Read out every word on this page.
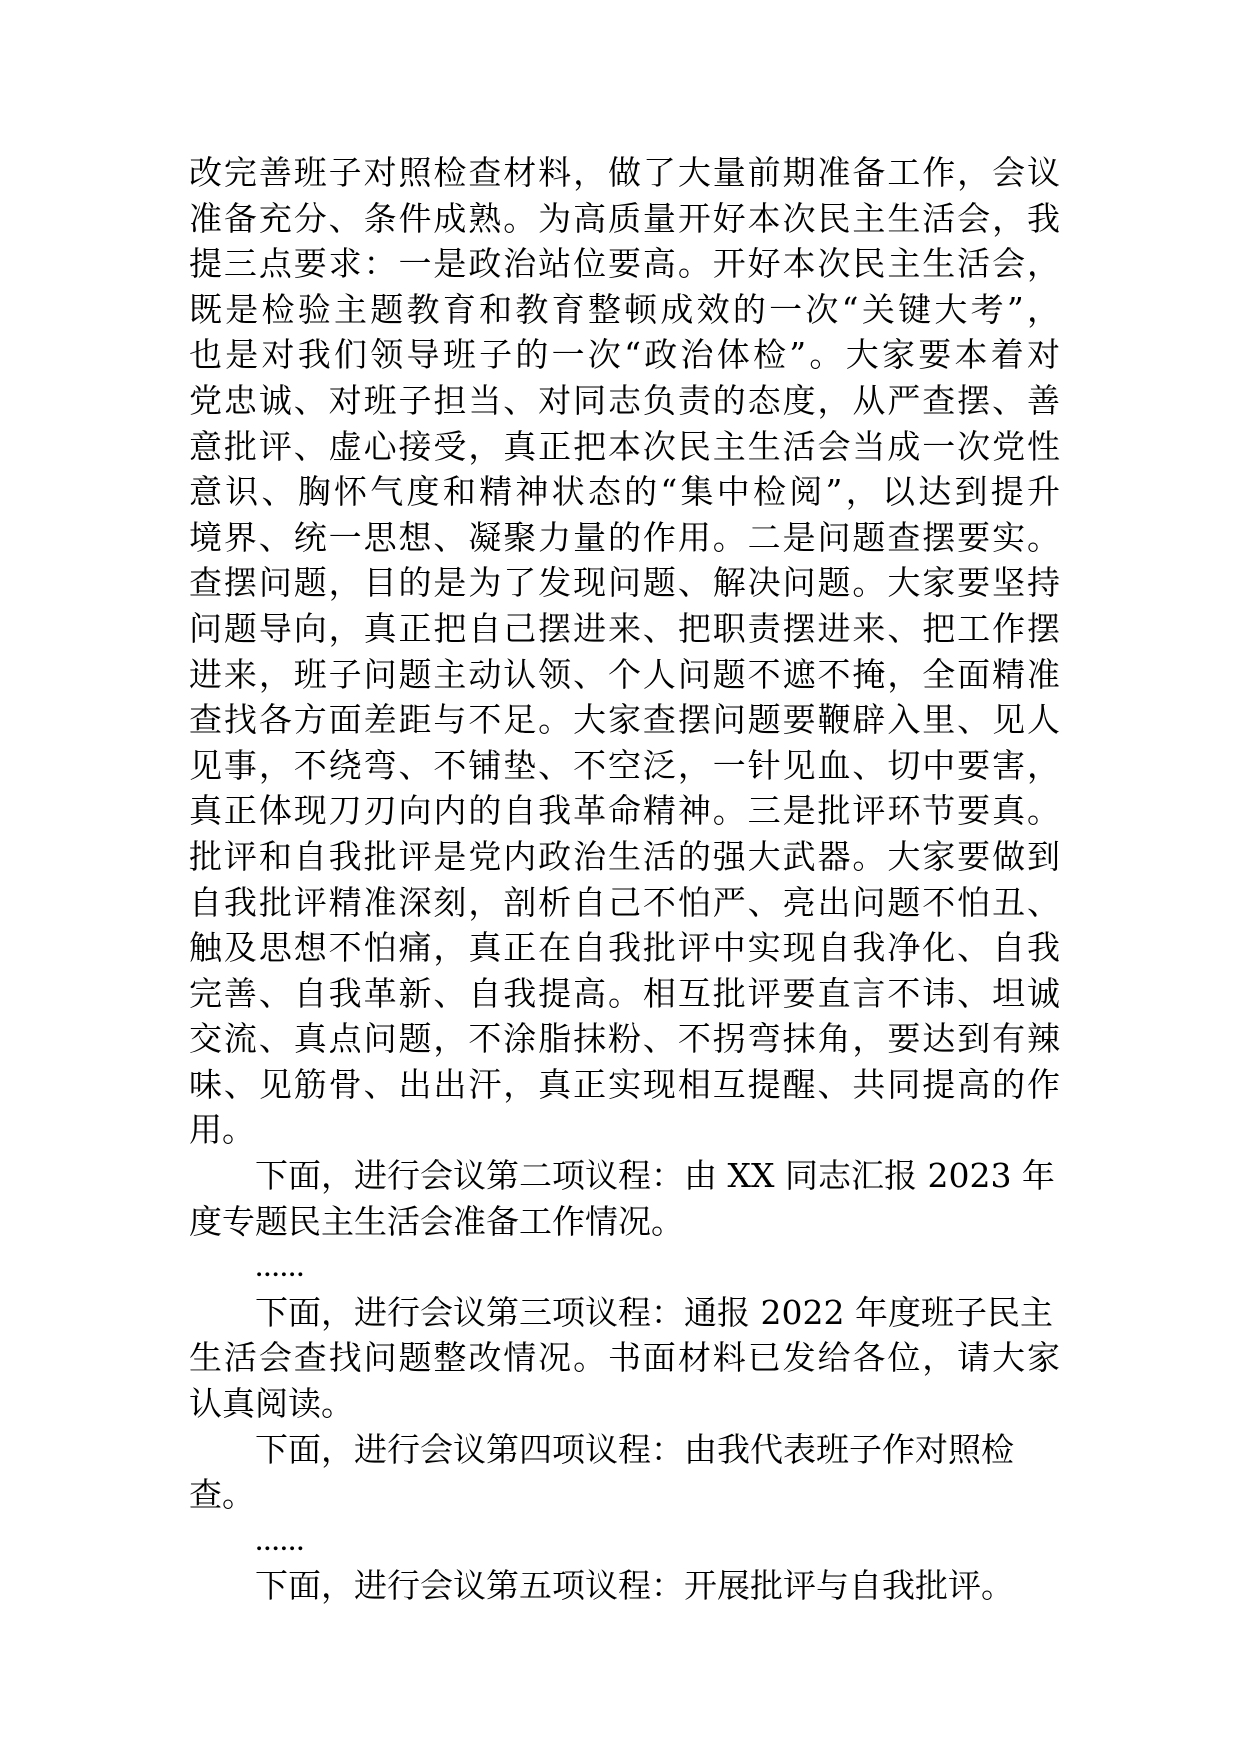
改完善班子对照检查材料，做了大量前期准备工作，会议
准备充分、条件成熟。为高质量开好本次民主生活会，我
提三点要求：一是政治站位要高。开好本次民主生活会，
既是检验主题教育和教育整顿成效的一次“关键大考”，
也是对我们领导班子的一次“政治体检”。大家要本着对
党忠诚、对班子担当、对同志负责的态度，从严查摆、善
意批评、虚心接受，真正把本次民主生活会当成一次党性
意识、胸怀气度和精神状态的“集中检阅”，以达到提升
境界、统一思想、凝聚力量的作用。二是问题查摆要实。
查摆问题，目的是为了发现问题、解决问题。大家要坚持
问题导向，真正把自己摆进来、把职责摆进来、把工作摆
进来，班子问题主动认领、个人问题不遮不掩，全面精准
查找各方面差距与不足。大家查摆问题要鞭辟入里、见人
见事，不绕弯、不铺垫、不空泛，一针见血、切中要害，
真正体现刀刃向内的自我革命精神。三是批评环节要真。
批评和自我批评是党内政治生活的强大武器。大家要做到
自我批评精准深刻，剖析自己不怕严、亮出问题不怕丑、
触及思想不怕痛，真正在自我批评中实现自我净化、自我
完善、自我革新、自我提高。相互批评要直言不讳、坦诚
交流、真点问题，不涂脂抹粉、不拐弯抹角，要达到有辣
味、见筋骨、出出汗，真正实现相互提醒、共同提高的作
用。
下面，进行会议第二项议程：由 XX 同志汇报 2023 年
度专题民主生活会准备工作情况。
......
下面，进行会议第三项议程：通报 2022 年度班子民主
生活会查找问题整改情况。书面材料已发给各位，请大家
认真阅读。
下面，进行会议第四项议程：由我代表班子作对照检
查。
......
下面，进行会议第五项议程：开展批评与自我批评。
